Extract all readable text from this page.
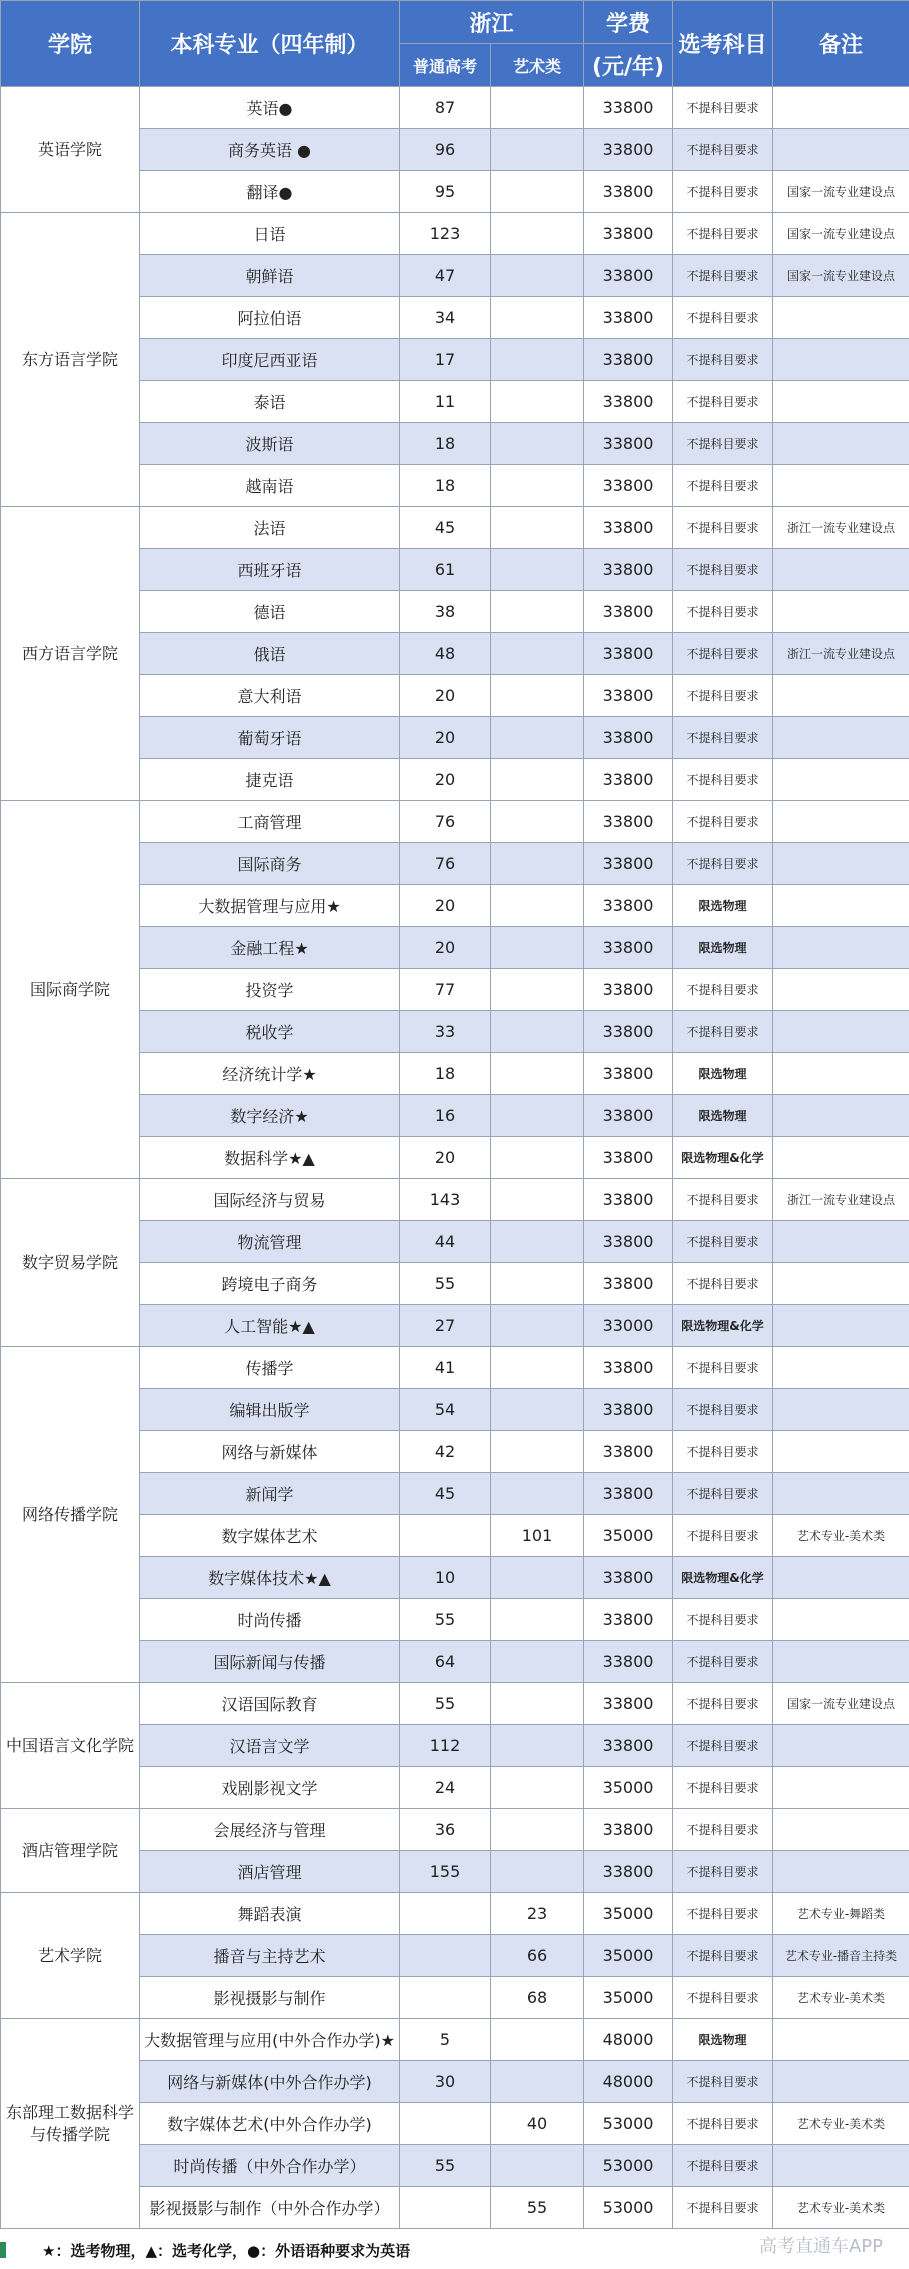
学院	本科专业（四年制）	浙江		学费	选考科目	备注
		普通高考	艺术类	(元/年)		
英语学院	英语●	87		33800	不提科目要求	
	商务英语 ●	96		33800	不提科目要求	
	翻译●	95		33800	不提科目要求	国家一流专业建设点
东方语言学院	日语	123		33800	不提科目要求	国家一流专业建设点
	朝鲜语	47		33800	不提科目要求	国家一流专业建设点
	阿拉伯语	34		33800	不提科目要求	
	印度尼西亚语	17		33800	不提科目要求	
	泰语	11		33800	不提科目要求	
	波斯语	18		33800	不提科目要求	
	越南语	18		33800	不提科目要求	
西方语言学院	法语	45		33800	不提科目要求	浙江一流专业建设点
	西班牙语	61		33800	不提科目要求	
	德语	38		33800	不提科目要求	
	俄语	48		33800	不提科目要求	浙江一流专业建设点
	意大利语	20		33800	不提科目要求	
	葡萄牙语	20		33800	不提科目要求	
	捷克语	20		33800	不提科目要求	
国际商学院	工商管理	76		33800	不提科目要求	
	国际商务	76		33800	不提科目要求	
	大数据管理与应用★	20		33800	限选物理	
	金融工程★	20		33800	限选物理	
	投资学	77		33800	不提科目要求	
	税收学	33		33800	不提科目要求	
	经济统计学★	18		33800	限选物理	
	数字经济★	16		33800	限选物理	
	数据科学★▲	20		33800	限选物理&化学	
数字贸易学院	国际经济与贸易	143		33800	不提科目要求	浙江一流专业建设点
	物流管理	44		33800	不提科目要求	
	跨境电子商务	55		33800	不提科目要求	
	人工智能★▲	27		33000	限选物理&化学	
网络传播学院	传播学	41		33800	不提科目要求	
	编辑出版学	54		33800	不提科目要求	
	网络与新媒体	42		33800	不提科目要求	
	新闻学	45		33800	不提科目要求	
	数字媒体艺术		101	35000	不提科目要求	艺术专业-美术类
	数字媒体技术★▲	10		33800	限选物理&化学	
	时尚传播	55		33800	不提科目要求	
	国际新闻与传播	64		33800	不提科目要求	
中国语言文化学院	汉语国际教育	55		33800	不提科目要求	国家一流专业建设点
	汉语言文学	112		33800	不提科目要求	
	戏剧影视文学	24		35000	不提科目要求	
酒店管理学院	会展经济与管理	36		33800	不提科目要求	
	酒店管理	155		33800	不提科目要求	
艺术学院	舞蹈表演		23	35000	不提科目要求	艺术专业-舞蹈类
	播音与主持艺术		66	35000	不提科目要求	艺术专业-播音主持类
	影视摄影与制作		68	35000	不提科目要求	艺术专业-美术类
东部理工数据科学与传播学院	大数据管理与应用(中外合作办学)★	5		48000	限选物理	
	网络与新媒体(中外合作办学)	30		48000	不提科目要求	
	数字媒体艺术(中外合作办学)		40	53000	不提科目要求	艺术专业-美术类
	时尚传播（中外合作办学）	55		53000	不提科目要求	
	影视摄影与制作（中外合作办学）		55	53000	不提科目要求	艺术专业-美术类
★：选考物理，▲：选考化学，●：外语语种要求为英语	高考直通车APP
